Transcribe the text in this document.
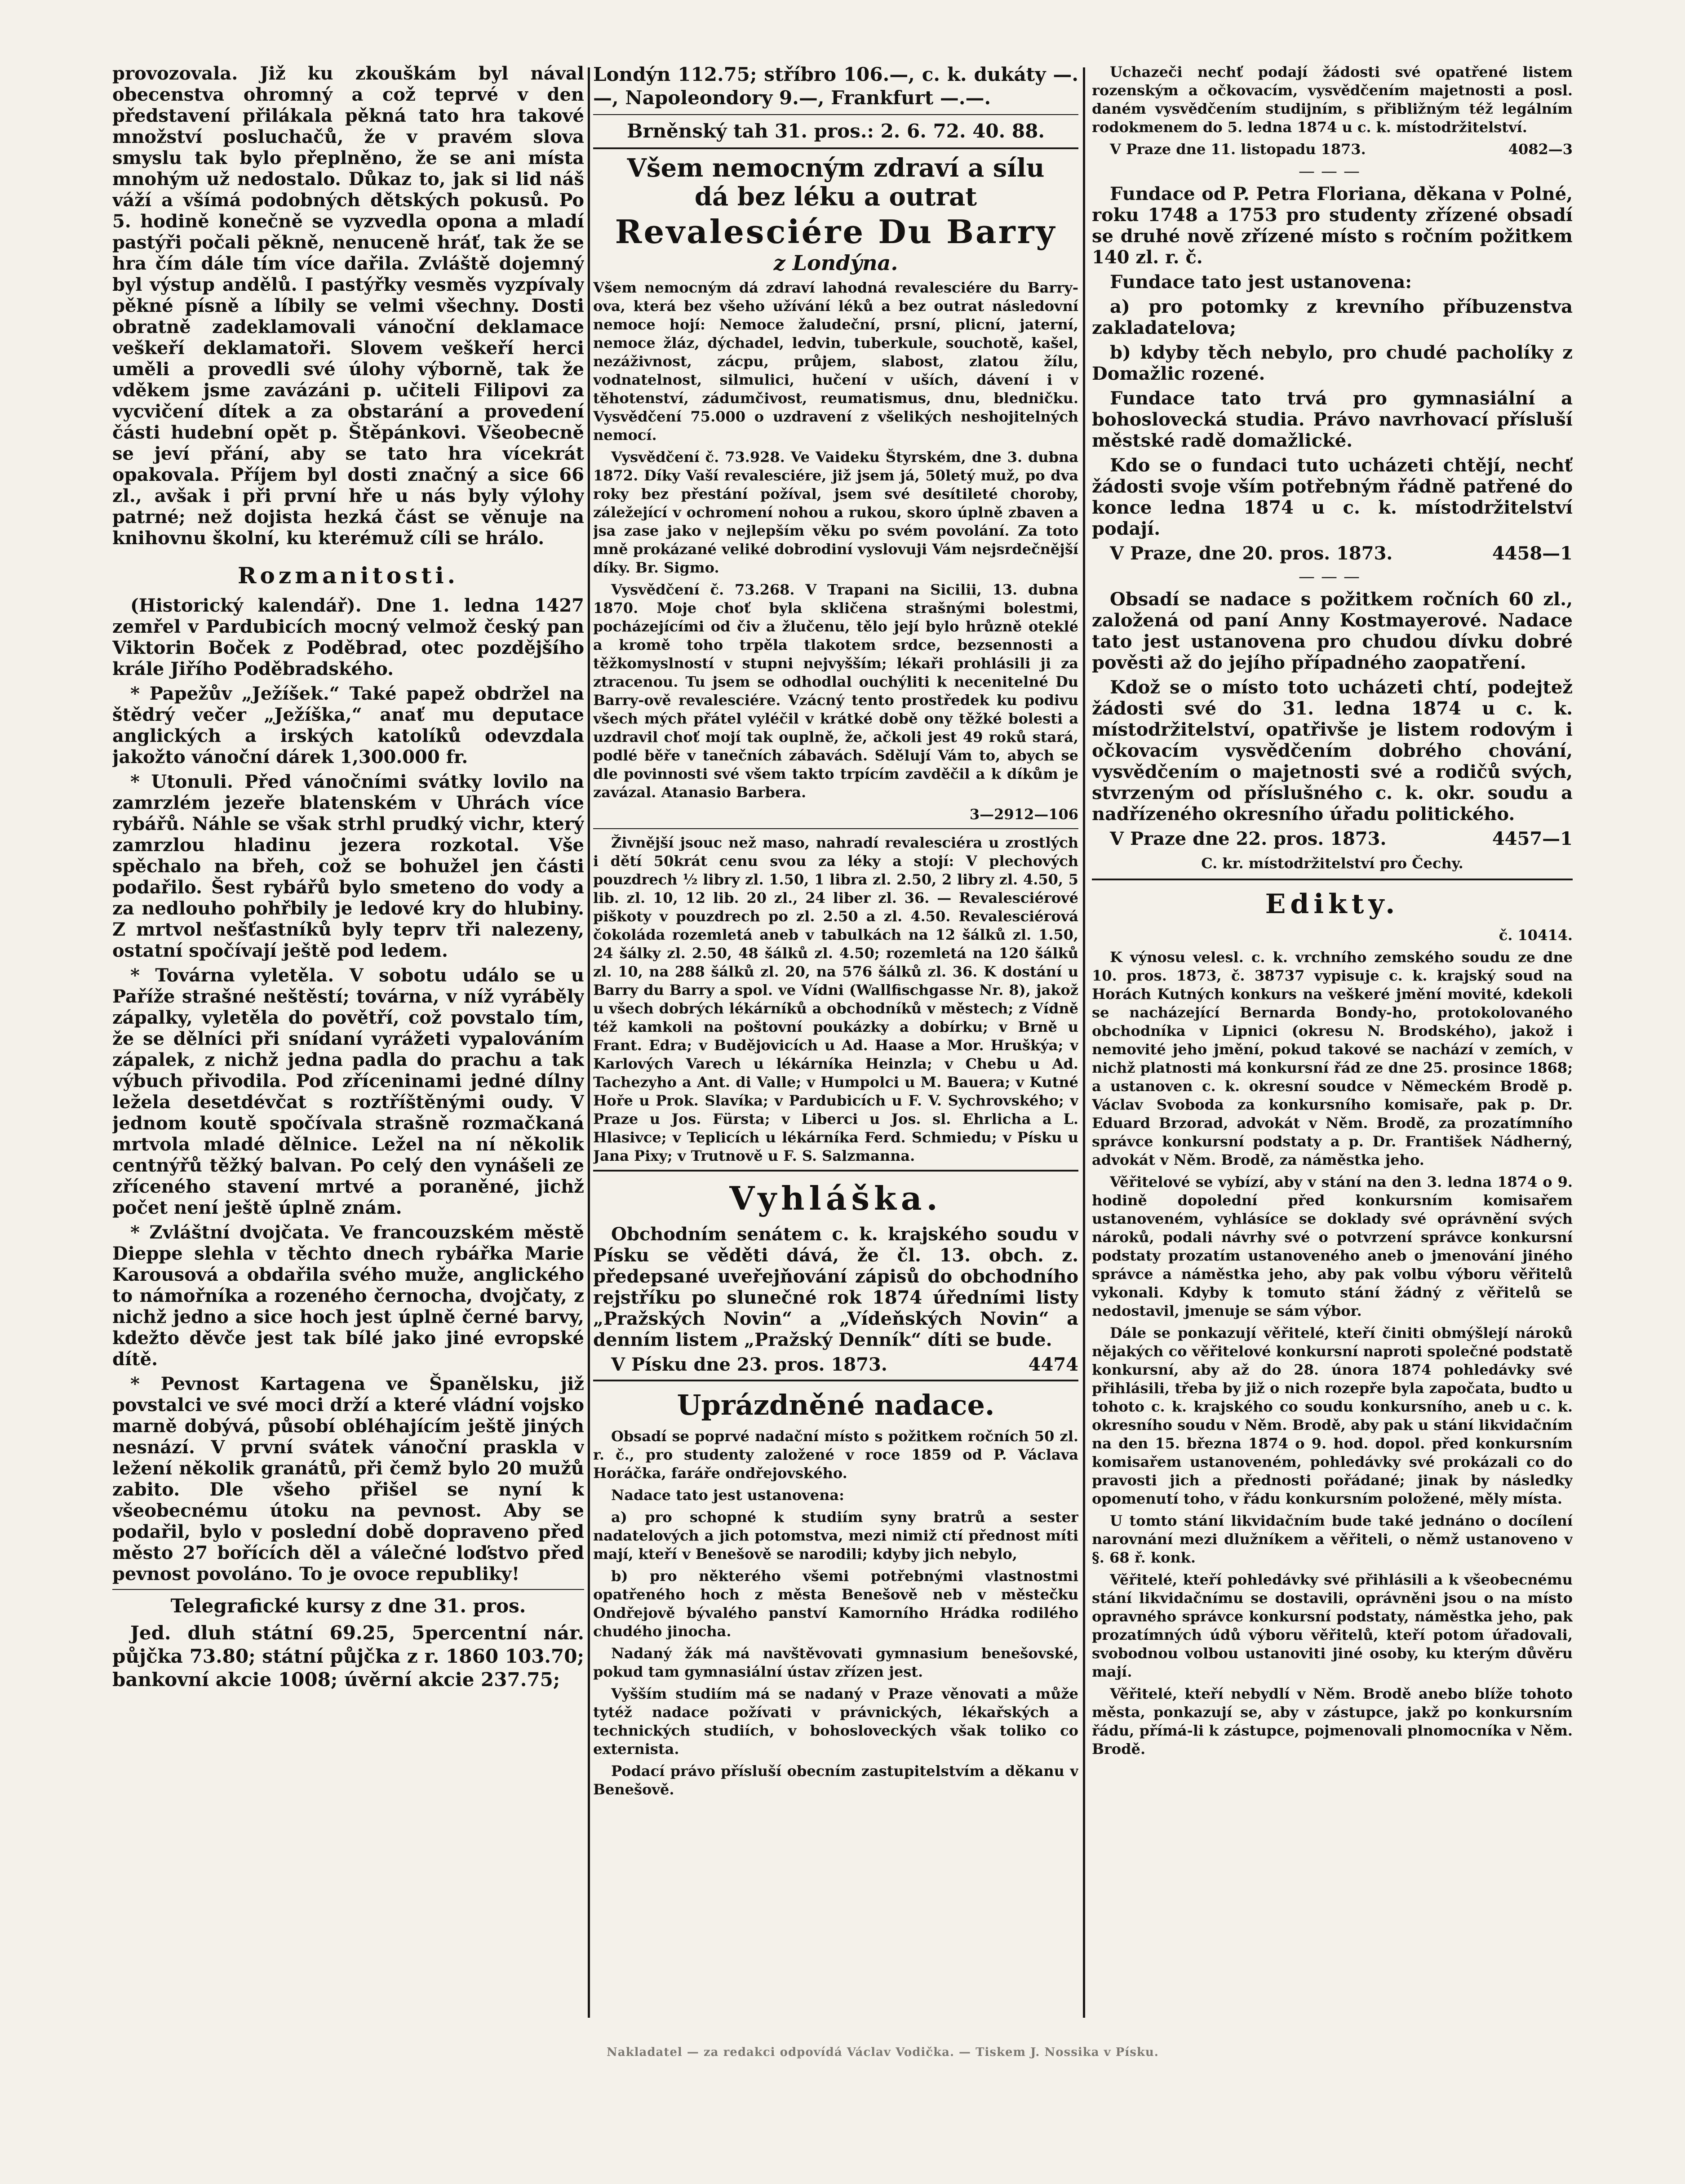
provozovala. Již ku zkouškám byl nával obecenstva ohromný a což teprvé v den představení přilákala pěkná tato hra takové množství posluchačů, že v pravém slova smyslu tak bylo přeplněno, že se ani místa mnohým už nedostalo. Důkaz to, jak si lid náš váží a všímá podobných dětských pokusů. Po 5. hodině konečně se vyzvedla opona a mladí pastýři počali pěkně, nenuceně hráť, tak že se hra čím dále tím více dařila. Zvláště dojemný byl výstup andělů. I pastýřky vesměs vyzpívaly pěkné písně a líbily se velmi všechny. Dosti obratně zadeklamovali vánoční deklamace veškeří deklamatoři. Slovem veškeří herci uměli a provedli své úlohy výborně, tak že vděkem jsme zavázáni p. učiteli Filipovi za vycvičení dítek a za obstarání a provedení části hudební opět p. Štěpánkovi. Všeobecně se jeví přání, aby se tato hra vícekrát opakovala. Příjem byl dosti značný a sice 66 zl., avšak i při první hře u nás byly výlohy patrné; než dojista hezká část se věnuje na knihovnu školní, ku kterémuž cíli se hrálo.

Rozmanitosti.

(Historický kalendář). Dne 1. ledna 1427 zemřel v Pardubicích mocný velmož český pan Viktorin Boček z Poděbrad, otec pozdějšího krále Jiřího Poděbradského.

* Papežův „Ježíšek.“ Také papež obdržel na štědrý večer „Ježíška,“ anať mu deputace anglických a irských katolíků odevzdala jakožto vánoční dárek 1,300.000 fr.

* Utonuli. Před vánočními svátky lovilo na zamrzlém jezeře blatenském v Uhrách více rybářů. Náhle se však strhl prudký vichr, který zamrzlou hladinu jezera rozkotal. Vše spěchalo na břeh, což se bohužel jen části podařilo. Šest rybářů bylo smeteno do vody a za nedlouho pohřbily je ledové kry do hlubiny. Z mrtvol nešťastníků byly teprv tři nalezeny, ostatní spočívají ještě pod ledem.

* Továrna vyletěla. V sobotu událo se u Paříže strašné neštěstí; továrna, v níž vyráběly zápalky, vyletěla do povětří, což povstalo tím, že se dělníci při snídaní vyrážeti vypalováním zápalek, z nichž jedna padla do prachu a tak výbuch přivodila. Pod zříceninami jedné dílny ležela desetdévčat s roztříštěnými oudy. V jednom koutě spočívala strašně rozmačkaná mrtvola mladé dělnice. Ležel na ní několik centnýřů těžký balvan. Po celý den vynášeli ze zříceného stavení mrtvé a poraněné, jichž počet není ještě úplně znám.

* Zvláštní dvojčata. Ve francouzském městě Dieppe slehla v těchto dnech rybářka Marie Karousová a obdařila svého muže, anglického to námořníka a rozeného černocha, dvojčaty, z nichž jedno a sice hoch jest úplně černé barvy, kdežto děvče jest tak bílé jako jiné evropské dítě.

* Pevnost Kartagena ve Španělsku, již povstalci ve své moci drží a které vládní vojsko marně dobývá, působí obléhajícím ještě jiných nesnází. V první svátek vánoční praskla v ležení několik granátů, při čemž bylo 20 mužů zabito. Dle všeho přišel se nyní k všeobecnému útoku na pevnost. Aby se podařil, bylo v poslední době dopraveno před město 27 bořících děl a válečné loďstvo před pevnost povoláno. To je ovoce republiky!

Telegrafické kursy z dne 31. pros.

Jed. dluh státní 69.25, 5percentní nár. půjčka 73.80; státní půjčka z r. 1860 103.70; bankovní akcie 1008; úvěrní akcie 237.75;

Londýn 112.75; stříbro 106.—, c. k. dukáty —.—, Napoleondory 9.—, Frankfurt —.—.

Brněnský tah 31. pros.: 2. 6. 72. 40. 88.

Všem nemocným zdraví a sílu
dá bez léku a outrat
Revalesciére Du Barry
z Londýna.

Všem nemocným dá zdraví lahodná revalesciére du Barry-ova, která bez všeho užívání léků a bez outrat následovní nemoce hojí: Nemoce žaludeční, prsní, plicní, jaterní, nemoce žláz, dýchadel, ledvin, tuberkule, souchotě, kašel, nezáživnost, zácpu, průjem, slabost, zlatou žílu, vodnatelnost, silmulici, hučení v uších, dávení i v těhotenství, zádumčivost, reumatismus, dnu, bledničku. Vysvědčení 75.000 o uzdravení z všelikých neshojitelných nemocí.

Vysvědčení č. 73.928. Ve Vaideku Štyrském, dne 3. dubna 1872. Díky Vaší revalesciére, již jsem já, 50letý muž, po dva roky bez přestání požíval, jsem své desítileté choroby, záležející v ochromení nohou a rukou, skoro úplně zbaven a jsa zase jako v nejlepším věku po svém povolání. Za toto mně prokázané veliké dobrodiní vyslovuji Vám nejsrdečnější díky. Br. Sigmo.

Vysvědčení č. 73.268. V Trapani na Sicilii, 13. dubna 1870. Moje choť byla skličena strašnými bolestmi, pocházejícími od čiv a žlučenu, tělo její bylo hrůzně oteklé a kromě toho trpěla tlakotem srdce, bezsennosti a těžkomyslností v stupni nejvyšším; lékaři prohlásili ji za ztracenou. Tu jsem se odhodlal ouchýliti k necenitelné Du Barry-ově revalesciére. Vzácný tento prostředek ku podivu všech mých přátel vyléčil v krátké době ony těžké bolesti a uzdravil choť mojí tak ouplně, že, ačkoli jest 49 roků stará, podlé běře v tanečních zábavách. Sdělují Vám to, abych se dle povinnosti své všem takto trpícím zavděčil a k díkům je zavázal. Atanasio Barbera.

3—2912—106

Živnější jsouc než maso, nahradí revalesciéra u zrostlých i dětí 50krát cenu svou za léky a stojí: V plechových pouzdrech ½ libry zl. 1.50, 1 libra zl. 2.50, 2 libry zl. 4.50, 5 lib. zl. 10, 12 lib. 20 zl., 24 liber zl. 36. — Revalesciérové piškoty v pouzdrech po zl. 2.50 a zl. 4.50. Revalesciérová čokoláda rozemletá aneb v tabulkách na 12 šálků zl. 1.50, 24 šálky zl. 2.50, 48 šálků zl. 4.50; rozemletá na 120 šálků zl. 10, na 288 šálků zl. 20, na 576 šálků zl. 36. K dostání u Barry du Barry a spol. ve Vídni (Wallfischgasse Nr. 8), jakož u všech dobrých lékárníků a obchodníků v městech; z Vídně též kamkoli na poštovní poukázky a dobírku; v Brně u Frant. Edra; v Budějovicích u Ad. Haase a Mor. Hruškýa; v Karlových Varech u lékárníka Heinzla; v Chebu u Ad. Tachezyho a Ant. di Valle; v Humpolci u M. Bauera; v Kutné Hoře u Prok. Slavíka; v Pardubicích u F. V. Sychrovského; v Praze u Jos. Fürsta; v Liberci u Jos. sl. Ehrlicha a L. Hlasivce; v Teplicích u lékárníka Ferd. Schmiedu; v Písku u Jana Pixy; v Trutnově u F. S. Salzmanna.

Vyhláška.

Obchodním senátem c. k. krajského soudu v Písku se věděti dává, že čl. 13. obch. z. předepsané uveřejňování zápisů do obchodního rejstříku po slunečné rok 1874 úředními listy „Pražských Novin“ a „Vídeňských Novin“ a denním listem „Pražský Denník“ díti se bude.

V Písku dne 23. pros. 1873.	4474

Uprázdněné nadace.

Obsadí se poprvé nadační místo s požitkem ročních 50 zl. r. č., pro studenty založené v roce 1859 od P. Václava Horáčka, faráře ondřejovského.

Nadace tato jest ustanovena:

a) pro schopné k studiím syny bratrů a sester nadatelových a jich potomstva, mezi nimiž ctí přednost míti mají, kteří v Benešově se narodili; kdyby jich nebylo,

b) pro některého všemi potřebnými vlastnostmi opatřeného hoch z města Benešově neb v městečku Ondřejově bývalého panství Kamorního Hrádka rodilého chudého jinocha.

Nadaný žák má navštěvovati gymnasium benešovské, pokud tam gymnasiální ústav zřízen jest.

Vyšším studiím má se nadaný v Praze věnovati a může tytéž nadace požívati v právnických, lékařských a technických studiích, v bohosloveckých však toliko co externista.

Podací právo přísluší obecním zastupitelstvím a děkanu v Benešově.

Uchazeči nechť podají žádosti své opatřené listem rozenským a očkovacím, vysvědčením majetnosti a posl. daném vysvědčením studijním, s přibližným též legálním rodokmenem do 5. ledna 1874 u c. k. místodržitelství.

V Praze dne 11. listopadu 1873.	4082—3

———

Fundace od P. Petra Floriana, děkana v Polné, roku 1748 a 1753 pro studenty zřízené obsadí se druhé nově zřízené místo s ročním požitkem 140 zl. r. č.

Fundace tato jest ustanovena:

a) pro potomky z krevního příbuzenstva zakladatelova;

b) kdyby těch nebylo, pro chudé pacholíky z Domažlic rozené.

Fundace tato trvá pro gymnasiální a bohoslovecká studia. Právo navrhovací přísluší městské radě domažlické.

Kdo se o fundaci tuto ucházeti chtějí, nechť žádosti svoje vším potřebným řádně patřené do konce ledna 1874 u c. k. místodržitelství podají.

V Praze, dne 20. pros. 1873.	4458—1

———

Obsadí se nadace s požitkem ročních 60 zl., založená od paní Anny Kostmayerové. Nadace tato jest ustanovena pro chudou dívku dobré pověsti až do jejího případného zaopatření.

Kdož se o místo toto ucházeti chtí, podejtež žádosti své do 31. ledna 1874 u c. k. místodržitelství, opatřivše je listem rodovým i očkovacím vysvědčením dobrého chování, vysvědčením o majetnosti své a rodičů svých, stvrzeným od příslušného c. k. okr. soudu a nadřízeného okresního úřadu politického.

V Praze dne 22. pros. 1873.	4457—1

C. kr. místodržitelství pro Čechy.

Edikty.

č. 10414.

K výnosu velesl. c. k. vrchního zemského soudu ze dne 10. pros. 1873, č. 38737 vypisuje c. k. krajský soud na Horách Kutných konkurs na veškeré jmění movité, kdekoli se nacházející Bernarda Bondy-ho, protokolovaného obchodníka v Lipnici (okresu N. Brodského), jakož i nemovité jeho jmění, pokud takové se nachází v zemích, v nichž platnosti má konkursní řád ze dne 25. prosince 1868; a ustanoven c. k. okresní soudce v Německém Brodě p. Václav Svoboda za konkursního komisaře, pak p. Dr. Eduard Brzorad, advokát v Něm. Brodě, za prozatímního správce konkursní podstaty a p. Dr. František Nádherný, advokát v Něm. Brodě, za náměstka jeho.

Věřitelové se vybízí, aby v stání na den 3. ledna 1874 o 9. hodině dopolední před konkursním komisařem ustanoveném, vyhlásíce se doklady své oprávnění svých nároků, podali návrhy své o potvrzení správce konkursní podstaty prozatím ustanoveného aneb o jmenování jiného správce a náměstka jeho, aby pak volbu výboru věřitelů vykonali. Kdyby k tomuto stání žádný z věřitelů se nedostavil, jmenuje se sám výbor.

Dále se ponkazují věřitelé, kteří činiti obmýšlejí nároků nějakých co věřitelové konkursní naproti společné podstatě konkursní, aby až do 28. února 1874 pohledávky své přihlásili, třeba by již o nich rozepře byla započata, budto u tohoto c. k. krajského co soudu konkursního, aneb u c. k. okresního soudu v Něm. Brodě, aby pak u stání likvidačním na den 15. března 1874 o 9. hod. dopol. před konkursním komisařem ustanoveném, pohledávky své prokázali co do pravosti jich a přednosti pořádané; jinak by následky opomenutí toho, v řádu konkursním položené, měly místa.

U tomto stání likvidačním bude také jednáno o docílení narovnání mezi dlužníkem a věřiteli, o němž ustanoveno v §. 68 ř. konk.

Věřitelé, kteří pohledávky své přihlásili a k všeobecnému stání likvidačnímu se dostavili, oprávněni jsou o na místo opravného správce konkursní podstaty, náměstka jeho, pak prozatímných údů výboru věřitelů, kteří potom úřadovali, svobodnou volbou ustanoviti jiné osoby, ku kterým důvěru mají.

Věřitelé, kteří nebydlí v Něm. Brodě anebo blíže tohoto města, ponkazují se, aby v zástupce, jakž po konkursním řádu, přímá-li k zástupce, pojmenovali plnomocníka v Něm. Brodě.

Nakladatel — za redakci odpovídá Václav Vodička. — Tiskem J. Nossika v Písku.
